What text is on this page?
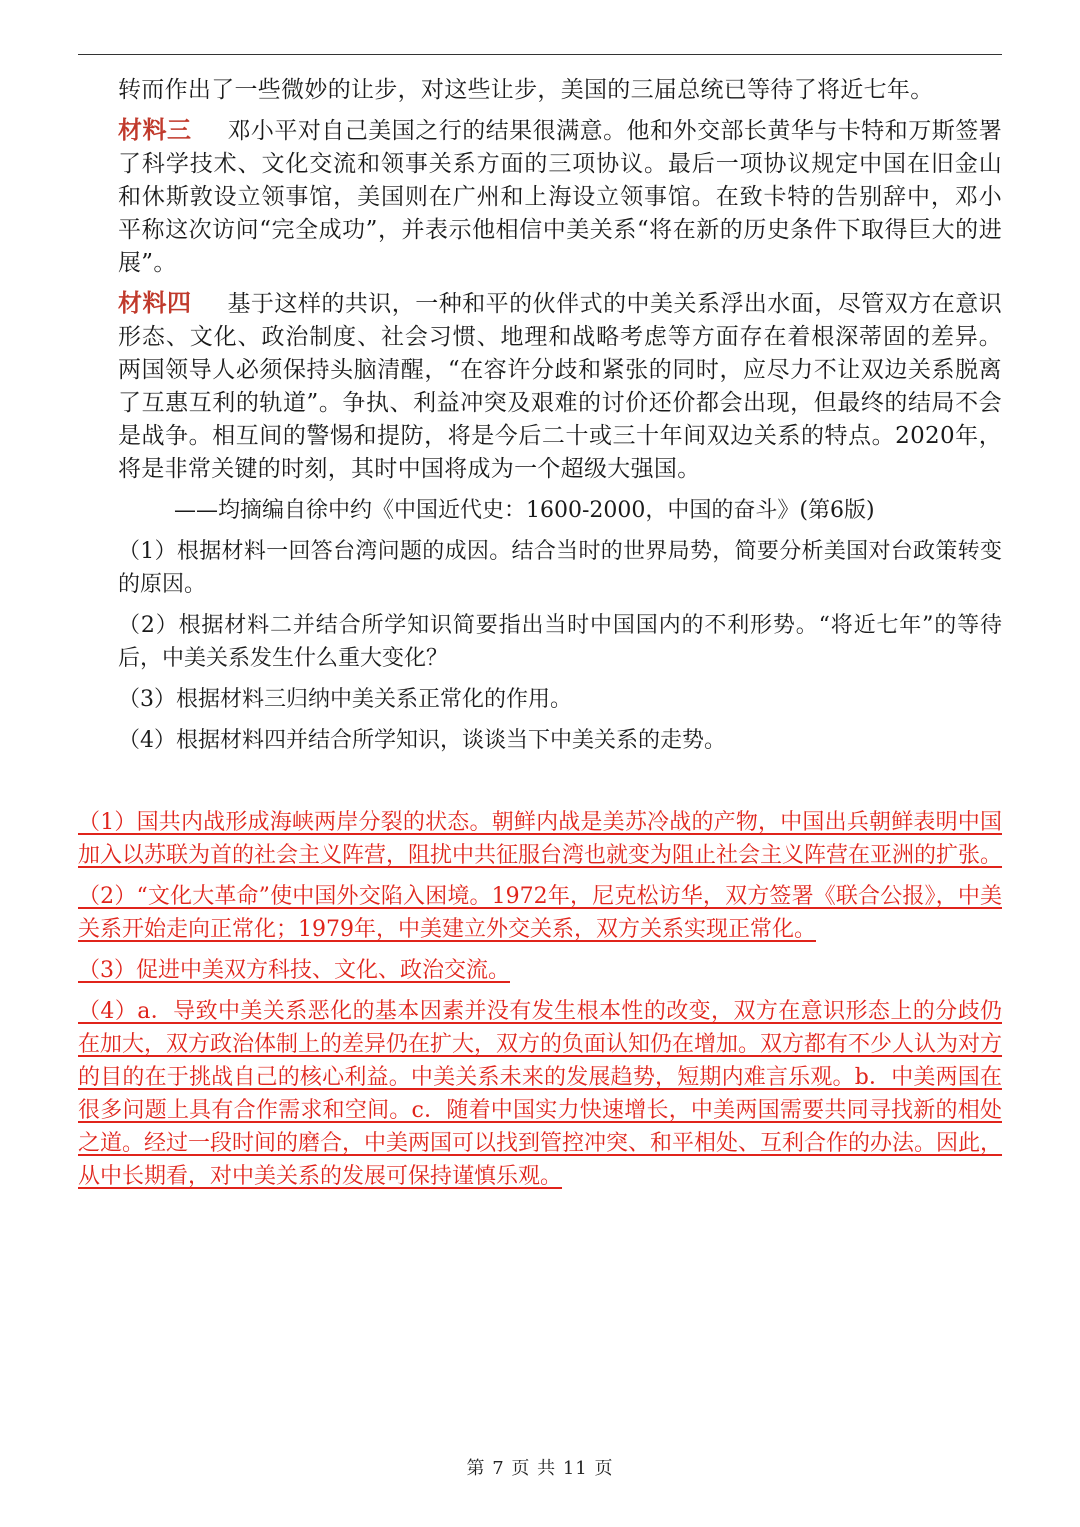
转而作出了一些微妙的让步，对这些让步，美国的三届总统已等待了将近七年。

材料三 邓小平对自己美国之行的结果很满意。他和外交部长黄华与卡特和万斯签署了科学技术、文化交流和领事关系方面的三项协议。最后一项协议规定中国在旧金山和休斯敦设立领事馆，美国则在广州和上海设立领事馆。在致卡特的告别辞中，邓小平称这次访问“完全成功”，并表示他相信中美关系“将在新的历史条件下取得巨大的进展”。

材料四 基于这样的共识，一种和平的伙伴式的中美关系浮出水面，尽管双方在意识形态、文化、政治制度、社会习惯、地理和战略考虑等方面存在着根深蒂固的差异。两国领导人必须保持头脑清醒，“在容许分歧和紧张的同时，应尽力不让双边关系脱离了互惠互利的轨道”。争执、利益冲突及艰难的讨价还价都会出现，但最终的结局不会是战争。相互间的警惕和提防，将是今后二十或三十年间双边关系的特点。2020年，将是非常关键的时刻，其时中国将成为一个超级大强国。

——均摘编自徐中约《中国近代史：1600-2000，中国的奋斗》(第6版)

（1）根据材料一回答台湾问题的成因。结合当时的世界局势，简要分析美国对台政策转变的原因。

（2）根据材料二并结合所学知识简要指出当时中国国内的不利形势。“将近七年”的等待后，中美关系发生什么重大变化？

（3）根据材料三归纳中美关系正常化的作用。

（4）根据材料四并结合所学知识，谈谈当下中美关系的走势。

（1）国共内战形成海峡两岸分裂的状态。朝鲜内战是美苏冷战的产物，中国出兵朝鲜表明中国加入以苏联为首的社会主义阵营，阻扰中共征服台湾也就变为阻止社会主义阵营在亚洲的扩张。

（2）“文化大革命”使中国外交陷入困境。1972年，尼克松访华，双方签署《联合公报》，中美关系开始走向正常化；1979年，中美建立外交关系，双方关系实现正常化。

（3）促进中美双方科技、文化、政治交流。

（4）a．导致中美关系恶化的基本因素并没有发生根本性的改变，双方在意识形态上的分歧仍在加大，双方政治体制上的差异仍在扩大，双方的负面认知仍在增加。双方都有不少人认为对方的目的在于挑战自己的核心利益。中美关系未来的发展趋势，短期内难言乐观。b．中美两国在很多问题上具有合作需求和空间。c．随着中国实力快速增长，中美两国需要共同寻找新的相处之道。经过一段时间的磨合，中美两国可以找到管控冲突、和平相处、互利合作的办法。因此，从中长期看，对中美关系的发展可保持谨慎乐观。

第 7 页 共 11 页
